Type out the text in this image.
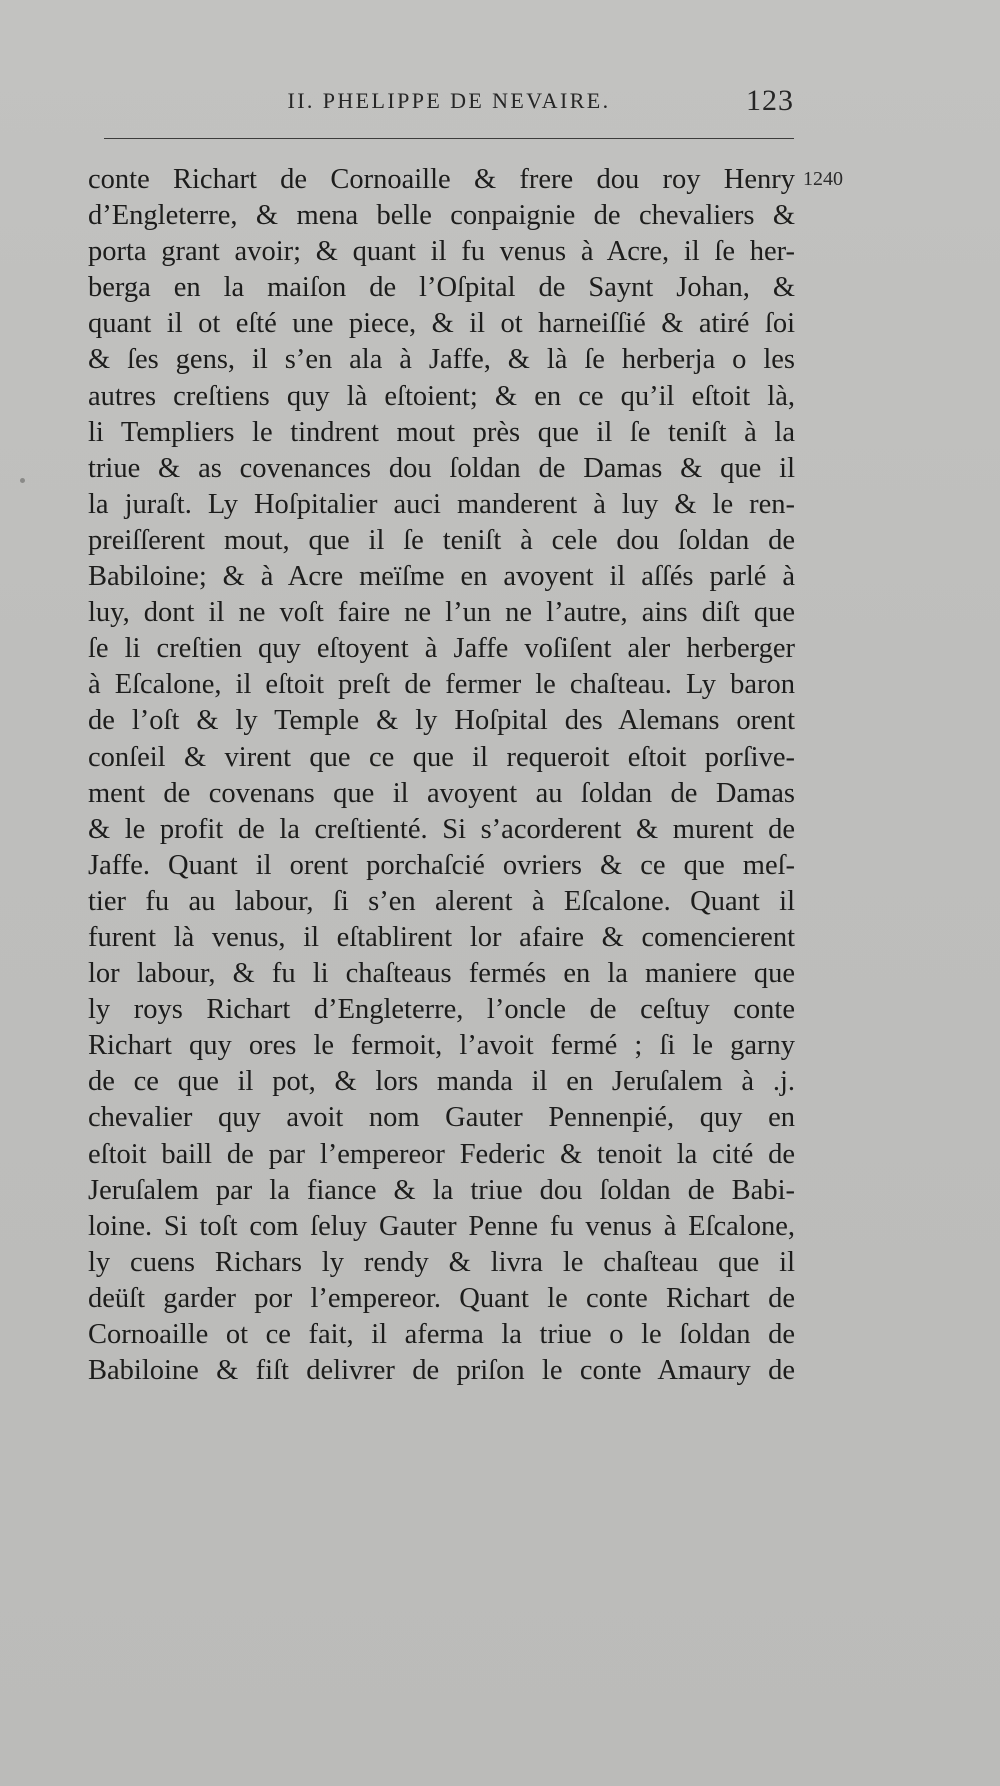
II. PHELIPPE DE NEVAIRE.	123
1240
conte Richart de Cornoaille & frere dou roy Henry
d’Engleterre, & mena belle conpaignie de chevaliers &
porta grant avoir; & quant il fu venus à Acre, il ſe her-
berga en la maiſon de l’Oſpital de Saynt Johan, &
quant il ot eſté une piece, & il ot harneiſſié & atiré ſoi
& ſes gens, il s’en ala à Jaffe, & là ſe herberja o les
autres creſtiens quy là eſtoient; & en ce qu’il eſtoit là,
li Templiers le tindrent mout près que il ſe teniſt à la
triue & as covenances dou ſoldan de Damas & que il
la juraſt. Ly Hoſpitalier auci manderent à luy & le ren-
preiſſerent mout, que il ſe teniſt à cele dou ſoldan de
Babiloine; & à Acre meïſme en avoyent il aſſés parlé à
luy, dont il ne voſt faire ne l’un ne l’autre, ains diſt que
ſe li creſtien quy eſtoyent à Jaffe voſiſent aler herberger
à Eſcalone, il eſtoit preſt de fermer le chaſteau. Ly baron
de l’oſt & ly Temple & ly Hoſpital des Alemans orent
conſeil & virent que ce que il requeroit eſtoit porſive-
ment de covenans que il avoyent au ſoldan de Damas
& le profit de la creſtienté. Si s’acorderent & murent de
Jaffe. Quant il orent porchaſcié ovriers & ce que meſ-
tier fu au labour, ſi s’en alerent à Eſcalone. Quant il
furent là venus, il eſtablirent lor afaire & comencierent
lor labour, & fu li chaſteaus fermés en la maniere que
ly roys Richart d’Engleterre, l’oncle de ceſtuy conte
Richart quy ores le fermoit, l’avoit fermé ; ſi le garny
de ce que il pot, & lors manda il en Jeruſalem à .j.
chevalier quy avoit nom Gauter Pennenpié, quy en
eſtoit baill de par l’empereor Federic & tenoit la cité de
Jeruſalem par la fiance & la triue dou ſoldan de Babi-
loine. Si toſt com ſeluy Gauter Penne fu venus à Eſcalone,
ly cuens Richars ly rendy & livra le chaſteau que il
deüſt garder por l’empereor. Quant le conte Richart de
Cornoaille ot ce fait, il aferma la triue o le ſoldan de
Babiloine & fiſt delivrer de priſon le conte Amaury de
